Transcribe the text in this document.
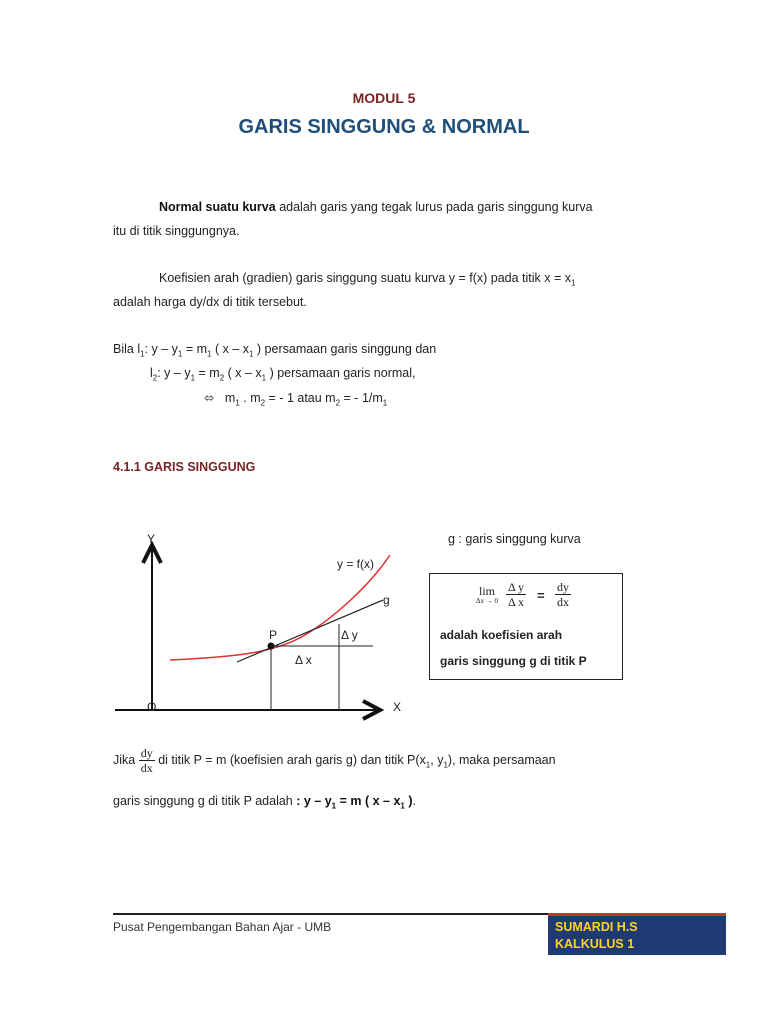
MODUL 5
GARIS SINGGUNG & NORMAL
Normal suatu kurva adalah garis yang tegak lurus pada garis singgung kurva
itu di titik singgungnya.
Koefisien arah (gradien) garis singgung suatu kurva y = f(x) pada titik $x = x_1$
adalah harga dy/dx di titik tersebut.
Bila $l_1$: $y - y_1 = m_1$ ( x – $x_1$ ) persamaan garis singgung dan
$l_2$: $y - y_1 = m_2$ ( x – $x_1$ ) persamaan garis normal,
⬄ $m_1$ . $m_2$ = - 1 atau $m_2$ = - $1/m_1$
4.1.1 GARIS SINGGUNG
Y
X
O
y = f(x)
g
P	Δ y
Δ x
g : garis singgung kurva
lim
$\Delta x \to 0 \frac{\text{Δ y}}{\text{Δ x}} = \frac{dy}{dx}$
adalah koefisien arah
garis singgung g di titik P
Jika $\frac{dy}{dx}$ di titik P = m (koefisien arah garis g) dan titik $P(x_1$, $y_1$), maka persamaan
garis singgung g di titik P adalah : $y - y_1 = m$ ( x – $x_1$ ).
Pusat Pengembangan Bahan Ajar - UMB	SUMARDI H.S
KALKULUS 1
